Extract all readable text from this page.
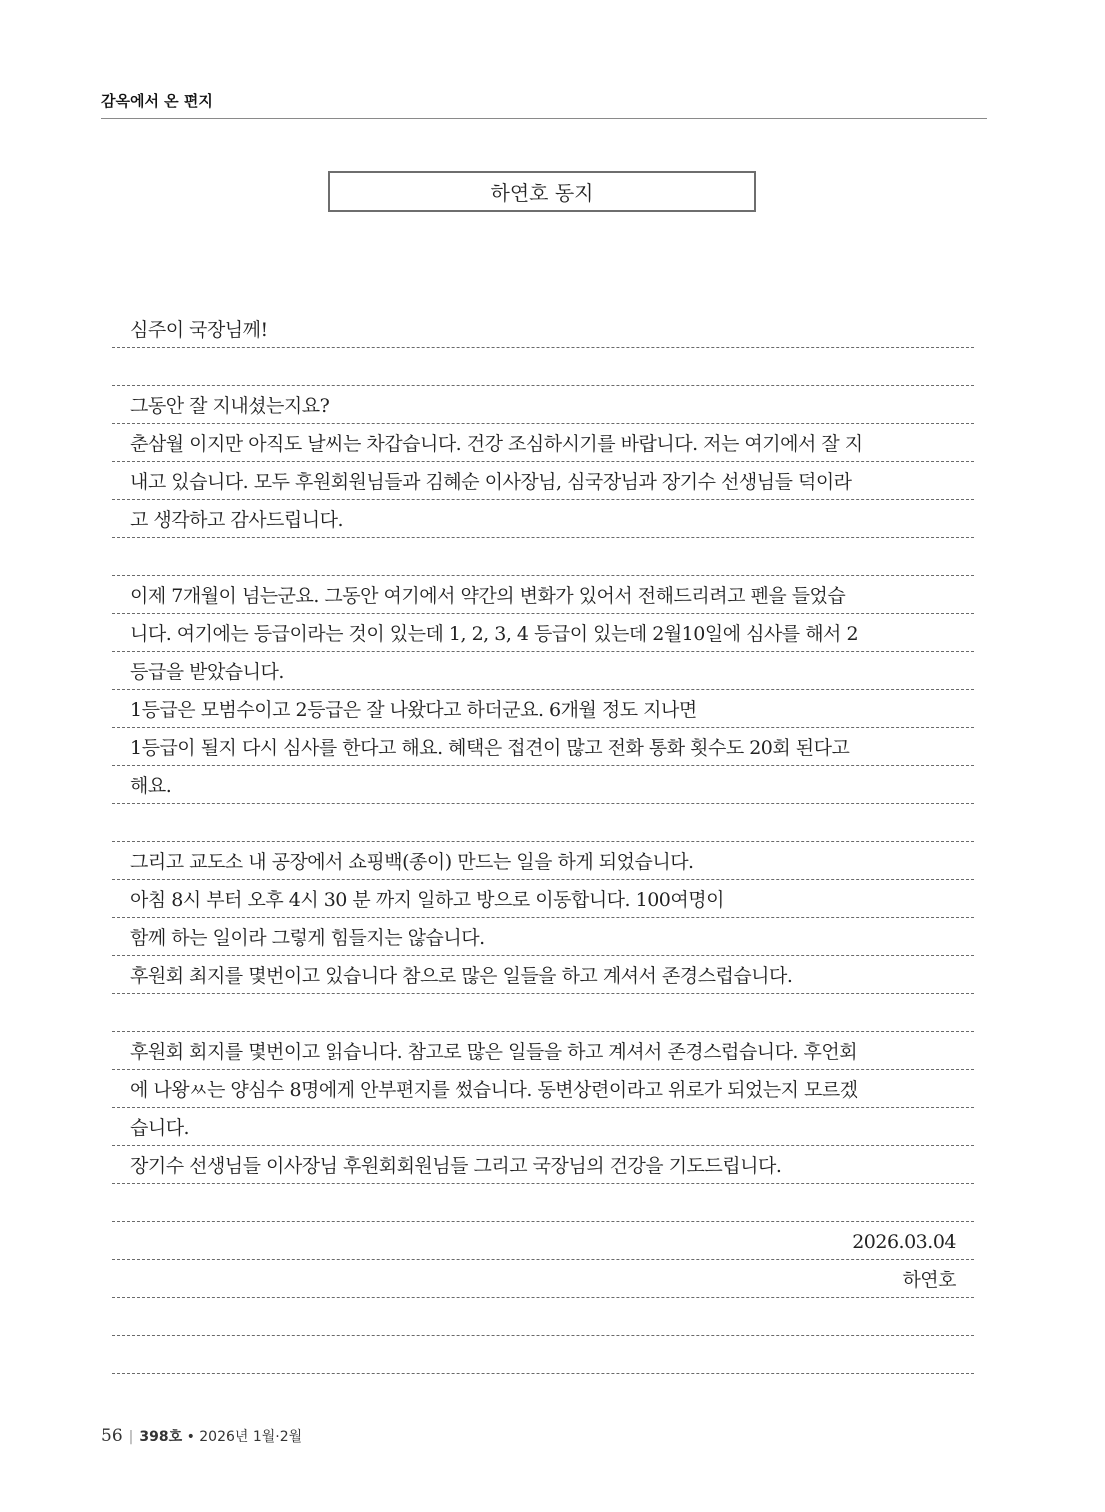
감옥에서 온 편지
하연호 동지
심주이 국장님께!
그동안 잘 지내셨는지요?
춘삼월 이지만 아직도 날씨는 차갑습니다. 건강 조심하시기를 바랍니다. 저는 여기에서 잘 지
내고 있습니다. 모두 후원회원님들과 김혜순 이사장님, 심국장님과 장기수 선생님들 덕이라
고 생각하고 감사드립니다.
이제 7개월이 넘는군요. 그동안 여기에서 약간의 변화가 있어서 전해드리려고 펜을 들었습
니다. 여기에는 등급이라는 것이 있는데 1, 2, 3, 4 등급이 있는데 2월10일에 심사를 해서 2
등급을 받았습니다.
1등급은 모범수이고 2등급은 잘 나왔다고 하더군요. 6개월 정도 지나면
1등급이 될지 다시 심사를 한다고 해요. 혜택은 접견이 많고 전화 통화 횟수도 20회 된다고
해요.
그리고 교도소 내 공장에서 쇼핑백(종이) 만드는 일을 하게 되었습니다.
아침 8시 부터 오후 4시 30 분 까지 일하고 방으로 이동합니다. 100여명이
함께 하는 일이라 그렇게 힘들지는 않습니다.
후원회 최지를 몇번이고 있습니다 참으로 많은 일들을 하고 계셔서 존경스럽습니다.
후원회 회지를 몇번이고 읽습니다. 참고로 많은 일들을 하고 계셔서 존경스럽습니다. 후언회
에 나왕ㅆ는 양심수 8명에게 안부편지를 썼습니다. 동변상련이라고 위로가 되었는지 모르겠
습니다.
장기수 선생님들 이사장님 후원회회원님들 그리고 국장님의 건강을 기도드립니다.
2026.03.04
하연호
56 | 398호 • 2026년 1월·2월
